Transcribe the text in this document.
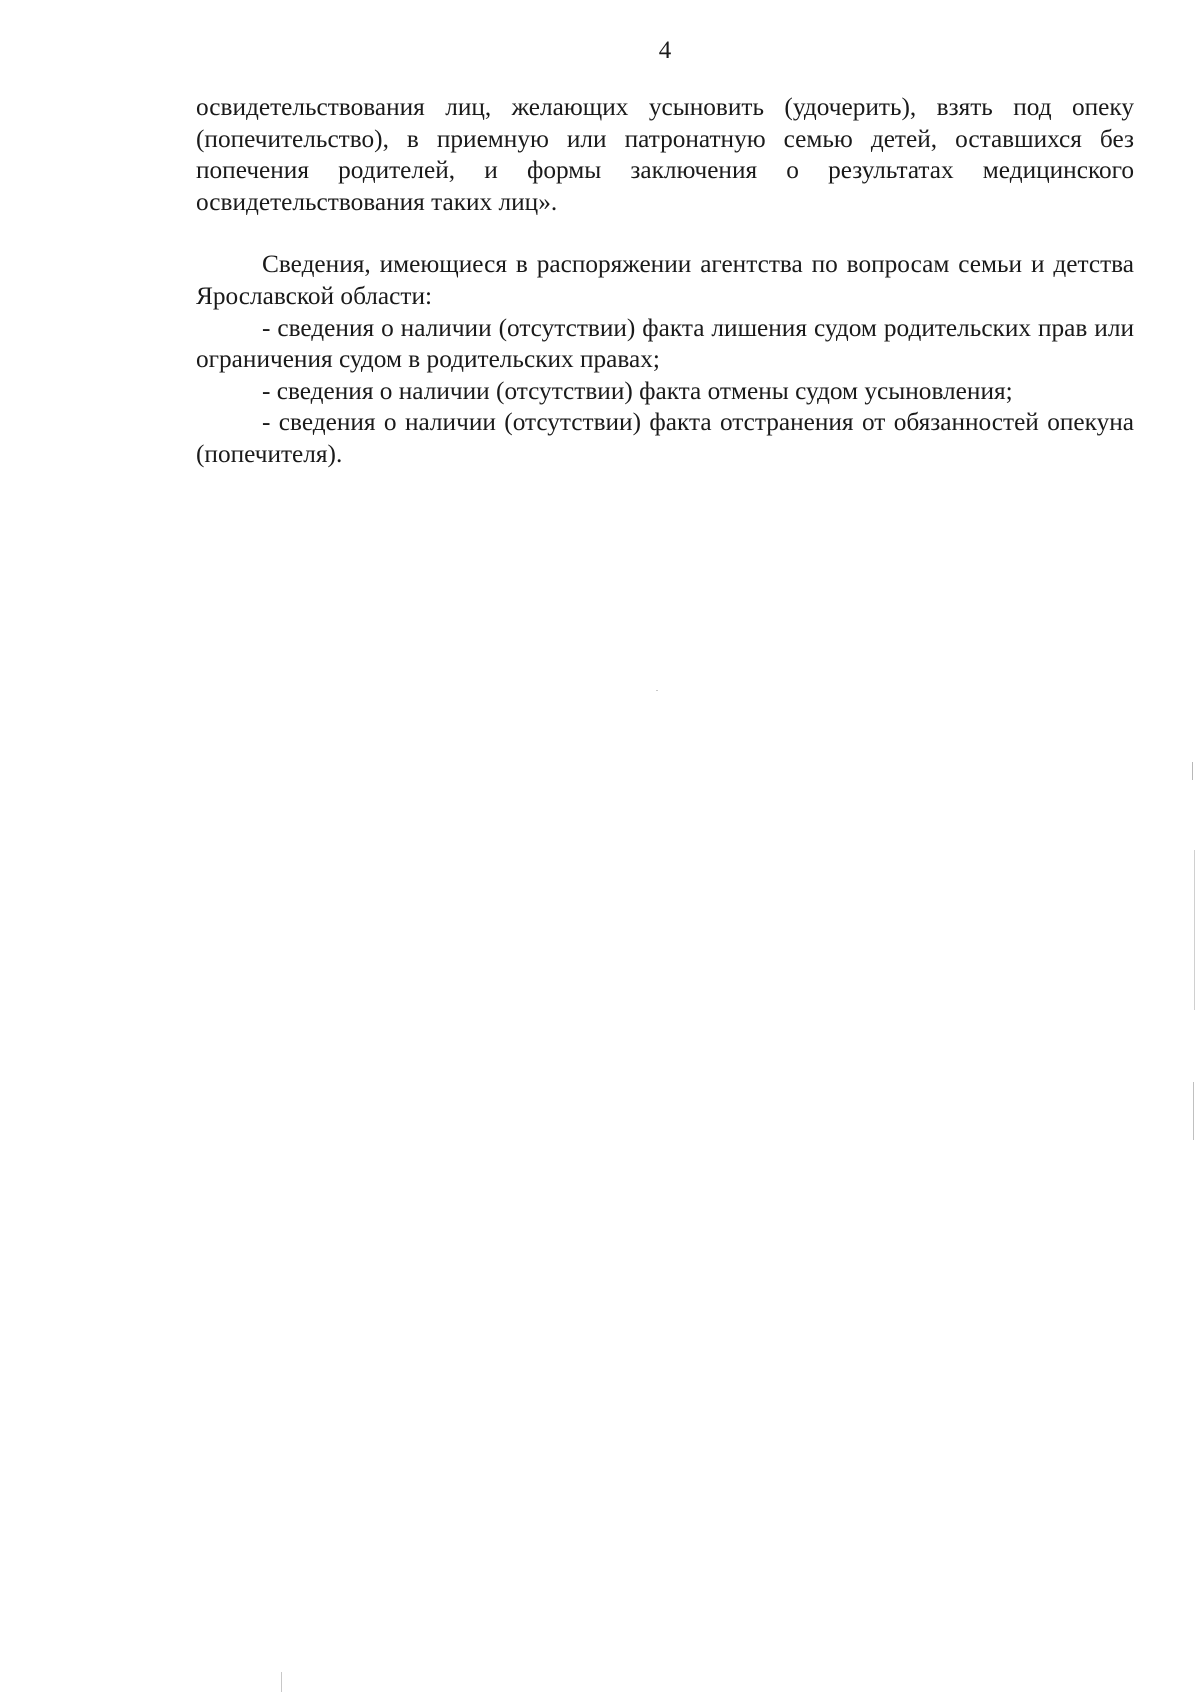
4

освидетельствования лиц, желающих усыновить (удочерить), взять под опеку (попечительство), в приемную или патронатную семью детей, оставшихся без попечения родителей, и формы заключения о результатах медицинского освидетельствования таких лиц».

Сведения, имеющиеся в распоряжении агентства по вопросам семьи и детства Ярославской области:

- сведения о наличии (отсутствии) факта лишения судом родительских прав или ограничения судом в родительских правах;

- сведения о наличии (отсутствии) факта отмены судом усыновления;

- сведения о наличии (отсутствии) факта отстранения от обязанностей опекуна (попечителя).
